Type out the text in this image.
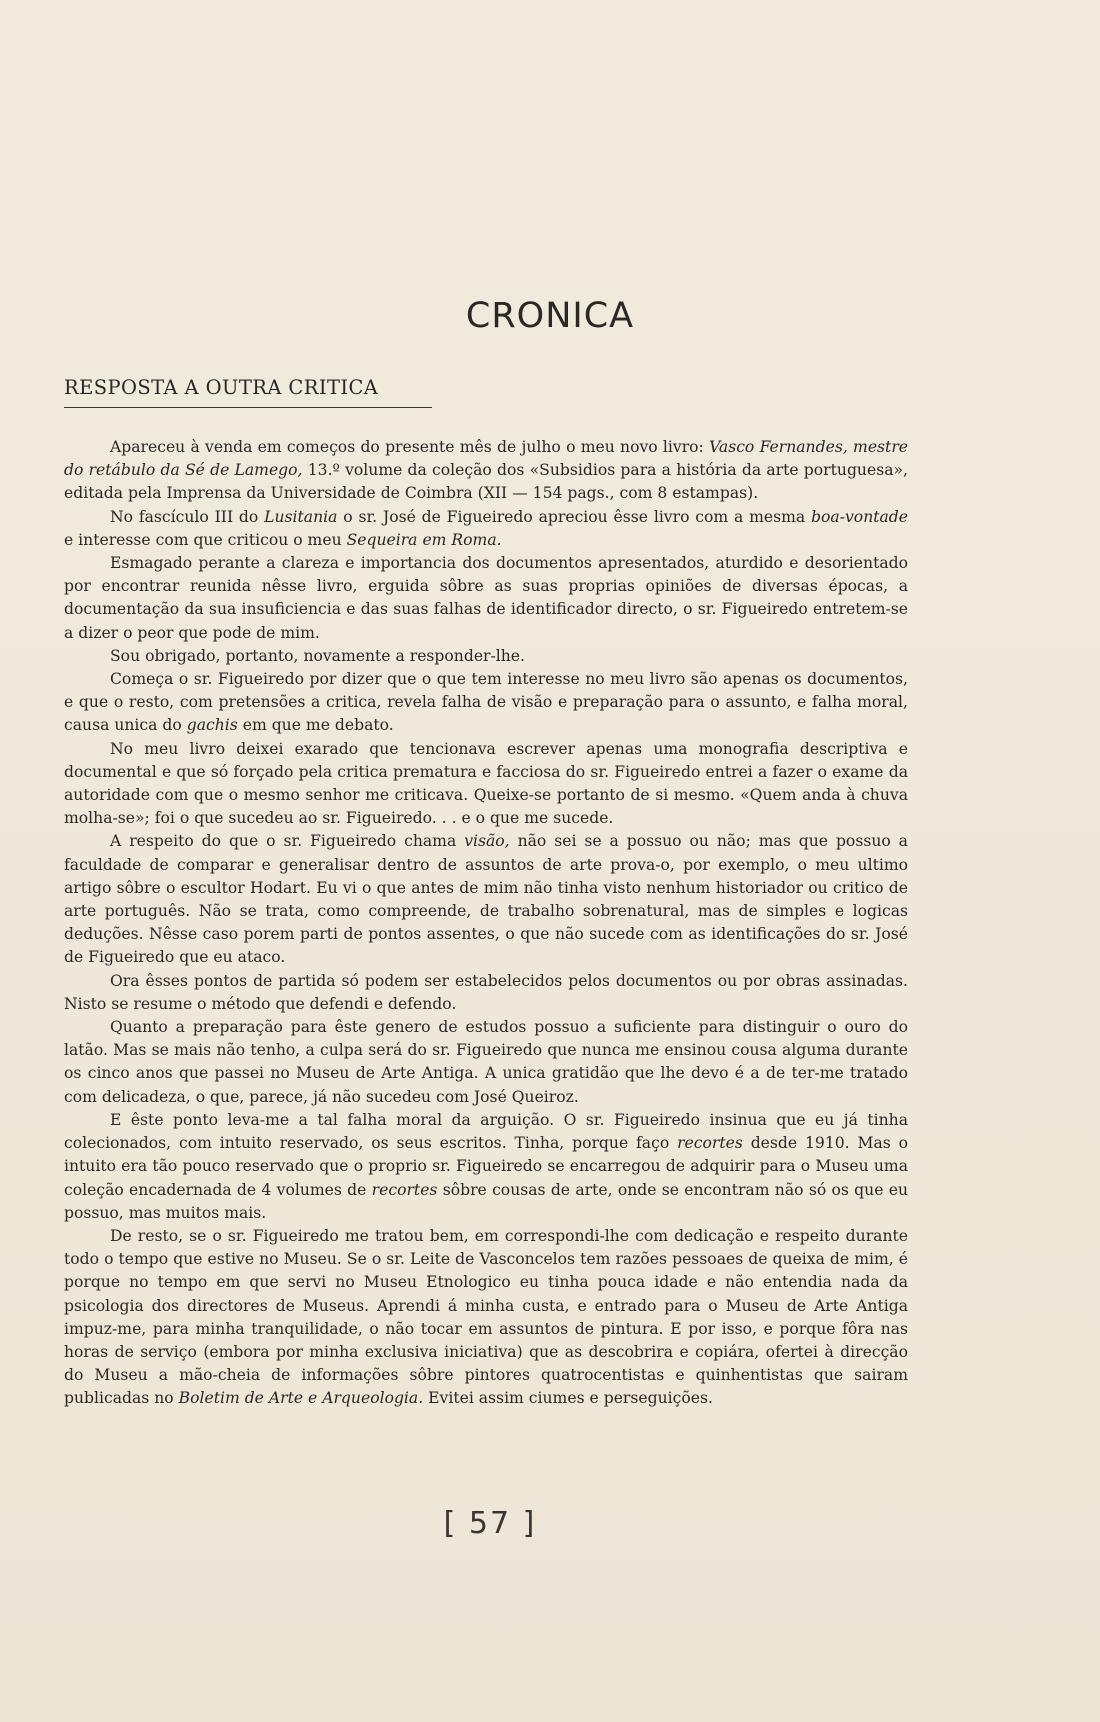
CRONICA
RESPOSTA A OUTRA CRITICA

Apareceu à venda em começos do presente mês de julho o meu novo livro: Vasco Fernandes, mestre do retábulo da Sé de Lamego, 13.º volume da coleção dos «Subsidios para a história da arte portuguesa», editada pela Imprensa da Universidade de Coimbra (XII — 154 pags., com 8 estampas).

No fascículo III do Lusitania o sr. José de Figueiredo apreciou êsse livro com a mesma boa-vontade e interesse com que criticou o meu Sequeira em Roma.

Esmagado perante a clareza e importancia dos documentos apresentados, aturdido e desorientado por encontrar reunida nêsse livro, erguida sôbre as suas proprias opiniões de diversas épocas, a documentação da sua insuficiencia e das suas falhas de identificador directo, o sr. Figueiredo entretem-se a dizer o peor que pode de mim.

Sou obrigado, portanto, novamente a responder-lhe.

Começa o sr. Figueiredo por dizer que o que tem interesse no meu livro são apenas os documentos, e que o resto, com pretensões a critica, revela falha de visão e preparação para o assunto, e falha moral, causa unica do gachis em que me debato.

No meu livro deixei exarado que tencionava escrever apenas uma monografia descriptiva e documental e que só forçado pela critica prematura e facciosa do sr. Figueiredo entrei a fazer o exame da autoridade com que o mesmo senhor me criticava. Queixe-se portanto de si mesmo. «Quem anda à chuva molha-se»; foi o que sucedeu ao sr. Figueiredo. . . e o que me sucede.

A respeito do que o sr. Figueiredo chama visão, não sei se a possuo ou não; mas que possuo a faculdade de comparar e generalisar dentro de assuntos de arte prova-o, por exemplo, o meu ultimo artigo sôbre o escultor Hodart. Eu vi o que antes de mim não tinha visto nenhum historiador ou critico de arte português. Não se trata, como compreende, de trabalho sobrenatural, mas de simples e logicas deduções. Nêsse caso porem parti de pontos assentes, o que não sucede com as identificações do sr. José de Figueiredo que eu ataco.

Ora êsses pontos de partida só podem ser estabelecidos pelos documentos ou por obras assinadas. Nisto se resume o método que defendi e defendo.

Quanto a preparação para êste genero de estudos possuo a suficiente para distinguir o ouro do latão. Mas se mais não tenho, a culpa será do sr. Figueiredo que nunca me ensinou cousa alguma durante os cinco anos que passei no Museu de Arte Antiga. A unica gratidão que lhe devo é a de ter-me tratado com delicadeza, o que, parece, já não sucedeu com José Queiroz.

E êste ponto leva-me a tal falha moral da arguição. O sr. Figueiredo insinua que eu já tinha colecionados, com intuito reservado, os seus escritos. Tinha, porque faço recortes desde 1910. Mas o intuito era tão pouco reservado que o proprio sr. Figueiredo se encarregou de adquirir para o Museu uma coleção encadernada de 4 volumes de recortes sôbre cousas de arte, onde se encontram não só os que eu possuo, mas muitos mais.

De resto, se o sr. Figueiredo me tratou bem, em correspondi-lhe com dedicação e respeito durante todo o tempo que estive no Museu. Se o sr. Leite de Vasconcelos tem razões pessoaes de queixa de mim, é porque no tempo em que servi no Museu Etnologico eu tinha pouca idade e não entendia nada da psicologia dos directores de Museus. Aprendi á minha custa, e entrado para o Museu de Arte Antiga impuz-me, para minha tranquilidade, o não tocar em assuntos de pintura. E por isso, e porque fôra nas horas de serviço (embora por minha exclusiva iniciativa) que as descobrira e copiára, ofertei à direcção do Museu a mão-cheia de informações sôbre pintores quatrocentistas e quinhentistas que sairam publicadas no Boletim de Arte e Arqueologia. Evitei assim ciumes e perseguições.

[ 57 ]
